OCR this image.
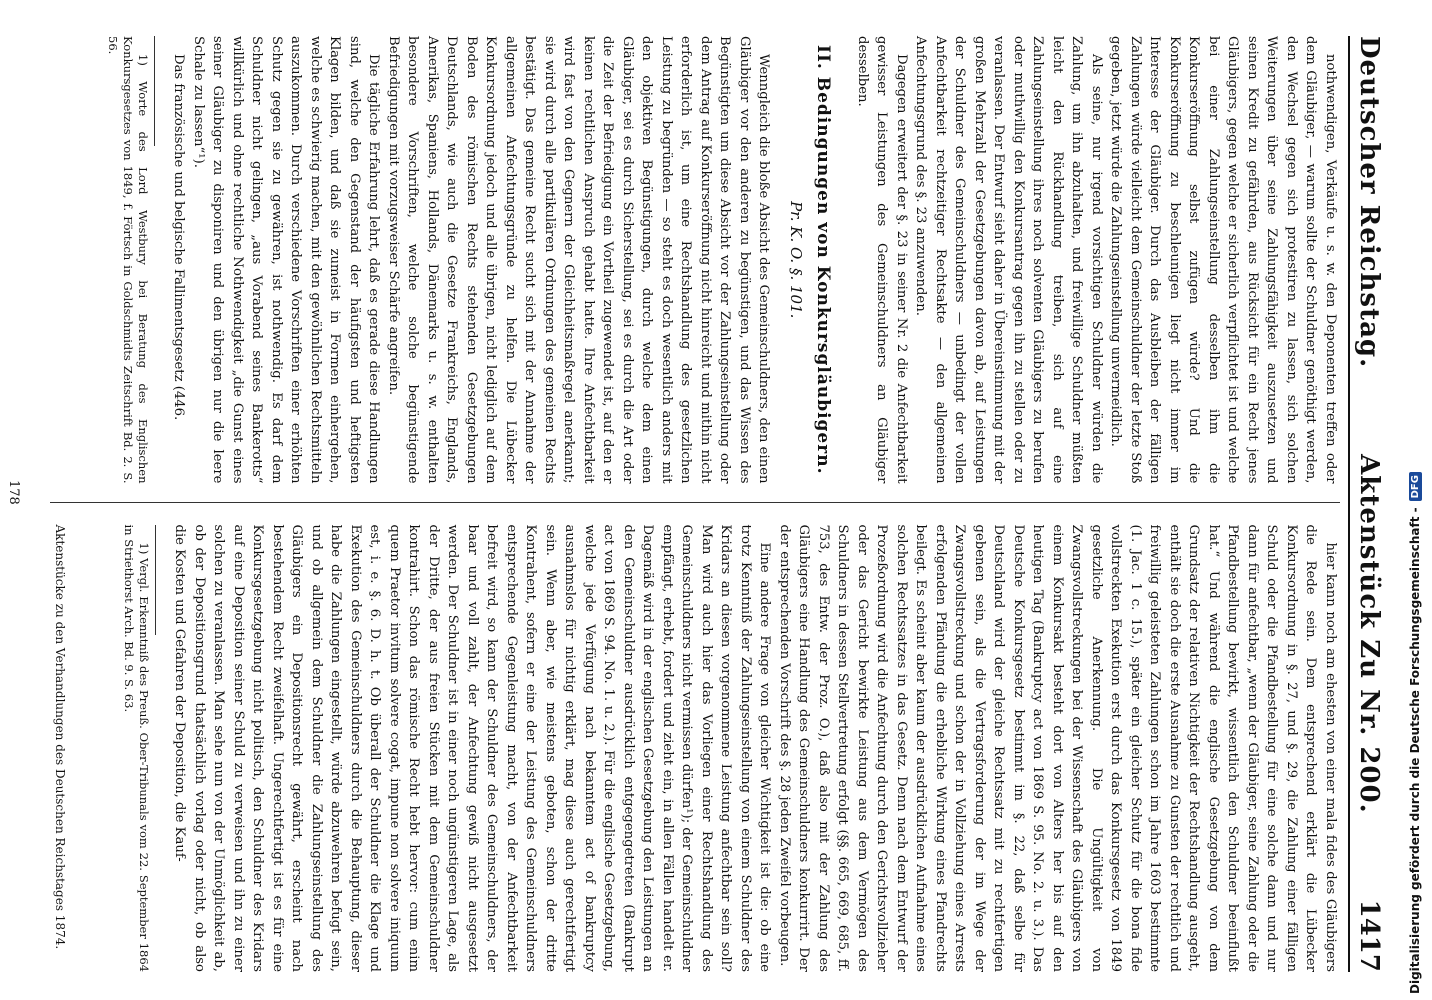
Deutscher Reichstag.
Aktenstück Zu Nr. 200.
1417

nothwendigen, Verkäufe u. s. w. den Deponenten treffen oder dem Gläubiger, — warum sollte der Schuldner genöthigt werden, den Wechsel gegen sich protestiren zu lassen, sich solchen Weiterungen über seine Zahlungsfähigkeit auszusetzen und seinen Kredit zu gefährden, aus Rücksicht für ein Recht jenes Gläubigers, gegen welche er sicherlich verpflichtet ist und welche bei einer Zahlungseinstellung desselben ihm die Konkurseröffnung selbst zufügen würde? Und die Konkurseröffnung zu beschleunigen liegt nicht immer im Interesse der Gläubiger. Durch das Ausbleiben der fälligen Zahlungen würde vielleicht dem Gemeinschuldner der letzte Stoß gegeben, jetzt würde die Zahlungseinstellung unvermeidlich.

Als seine, nur irgend vorsichtigen Schuldner würden die Zahlung, um ihn abzuhalten, und freiwillige Schuldner müßten leicht den Rückhandlung treiben, sich auf eine Zahlungseinstellung ihres noch solventen Gläubigers zu berufen oder muthwillig den Konkursantrag gegen ihn zu stellen oder zu veranlassen. Der Entwurf sieht daher in Übereinstimmung mit der großen Mehrzahl der Gesetzgebungen davon ab, auf Leistungen der Schuldner des Gemeinschuldners — unbedingt der vollen Anfechtbarkeit rechtzeitiger Rechtsakte — den allgemeinen Anfechtungsgrund des §. 23 anzuwenden.

Dagegen erweitert der §. 23 in seiner Nr. 2 die Anfechtbarkeit gewisser Leistungen des Gemeinschuldners an Gläubiger desselben.

II. Bedingungen von Konkursgläubigern.
Pr. K. O. §. 101.

Wenngleich die bloße Absicht des Gemeinschuldners, den einen Gläubiger vor den anderen zu begünstigen, und das Wissen des Begünstigten um diese Absicht vor der Zahlungseinstellung oder dem Antrag auf Konkurseröffnung nicht hinreicht und mithin nicht erforderlich ist, um eine Rechtshandlung des gesetzlichen Leistung zu begründen — so steht es doch wesentlich anders mit den objektiven Begünstigungen, durch welche dem einen Gläubiger, sei es durch Sicherstellung, sei es durch die Art oder die Zeit der Befriedigung ein Vortheil zugewendet ist, auf den er keinen rechtlichen Anspruch gehabt hatte. Ihre Anfechtbarkeit wird fast von den Gegnern der Gleichheitsmaßregel anerkannt; sie wird durch alle partikulären Ordnungen des gemeinen Rechts bestätigt. Das gemeine Recht sucht sich mit der Annahme der allgemeinen Anfechtungsgründe zu helfen. Die Lübecker Konkursordnung jedoch und alle übrigen, nicht lediglich auf dem Boden des römischen Rechts stehenden Gesetzgebungen Deutschlands, wie auch die Gesetze Frankreichs, Englands, Amerikas, Spaniens, Hollands, Dänemarks u. s. w. enthalten besondere Vorschriften, welche solche begünstigende Befriedigungen mit vorzugsweiser Schärfe angreifen.

Die tägliche Erfahrung lehrt, daß es gerade diese Handlungen sind, welche den Gegenstand der häufigsten und heftigsten Klagen bilden, und daß sie zumeist in Formen einhergehen, welche es schwierig machen, mit den gewöhnlichen Rechtsmitteln auszukommen. Durch verschiedene Vorschriften einer erhöhten Schutz gegen sie zu gewähren, ist nothwendig. Es darf dem Schuldner nicht gelingen, „aus Vorabend seines Bankerotts“ willkürlich und ohne rechtliche Nothwendigkeit „die Gunst eines seiner Gläubiger zu disponiren und den übrigen nur die leere Schale zu lassen“¹).

Das französische und belgische Fallimentsgesetz (446.

1) Worte des Lord Westbury bei Beratung des Englischen Konkursgesetzes von 1849, f. Förtsch in Goldschmidts Zeitschrift Bd. 2. S. 56.

hier kann noch am ehesten von einer mala fides des Gläubigers die Rede sein. Dem entsprechend erklärt die Lübecker Konkursordnung in §. 27, und §. 29, die Zahlung einer fälligen Schuld oder die Pfandbestellung für eine solche dann und nur dann für anfechtbar, „wenn der Gläubiger, seine Zahlung oder die Pfandbestellung bewirkt, wissentlich den Schuldner beeinflußt hat.“ Und während die englische Gesetzgebung von dem Grundsatz der relativen Nichtigkeit der Rechtshandlung ausgeht, enthält sie doch die erste Ausnahme zu Gunsten der rechtlich und freiwillig geleisteten Zahlungen schon im Jahre 1603 bestimmte (1. Jac. 1 c. 15.), später ein gleicher Schutz für die bona fide vollstreckten Exekution erst durch das Konkursgesetz von 1849 gesetzliche Anerkennung. Die Ungültigkeit von Zwangsvollstreckungen bei der Wissenschaft des Gläubigers von einem Konkursakt besteht dort von Alters her bis auf den heutigen Tag (Bankruptcy act von 1869 S. 95. No. 2. u. 3.). Das Deutsche Konkursgesetz bestimmt im §. 22, daß selbe für Deutschland wird der gleiche Rechtssatz mit zu rechtfertigen gebenen sein, als die Vertragsforderung der im Wege der Zwangsvollstreckung und schon der in Vollziehung eines Arrests erfolgenden Pfändung die erhebliche Wirkung eines Pfandrechts beilegt. Es scheint aber kaum der ausdrücklichen Aufnahme eines solchen Rechtssatzes in das Gesetz. Denn nach dem Entwurf der Prozeßordnung wird die Anfechtung durch den Gerichtsvollzieher oder das Gericht bewirkte Leistung aus dem Vermögen des Schuldners in dessen Stellvertretung erfolgt (§§. 665, 669, 685, ff. 753, des Entw. der Proz. O.), daß also mit der Zahlung des Gläubigers eine Handlung des Gemeinschuldners konkurrirt. Der der entsprechenden Vorschrift des §. 28 jeden Zweifel vorbeugen.

Eine andere Frage von gleicher Wichtigkeit ist die: ob eine trotz Kenntniß der Zahlungseinstellung von einem Schuldner des Kridars an diesen vorgenommene Leistung anfechtbar sein soll? Man wird auch hier das Vorliegen einer Rechtshandlung des Gemeinschuldners nicht vermissen dürfen¹); der Gemeinschuldner empfängt, erhebt, fordert und zieht ein, in allen Fällen handelt er. Dagemäß wird in der englischen Gesetzgebung den Leistungen an den Gemeinschuldner ausdrücklich entgegengetreten (Bankrupt act von 1869 S. 94. No. 1. u. 2.). Für die englische Gesetzgebung, welche jede Verfügung nach bekanntem act of bankruptcy ausnahmslos für nichtig erklärt, mag diese auch gerechtfertigt sein. Wenn aber, wie meistens geboten, schon der dritte Kontrahent, sofern er eine der Leistung des Gemeinschuldners entsprechende Gegenleistung macht, von der Anfechtbarkeit befreit wird, so kann der Schuldner des Gemeinschuldners, der baar und voll zahlt, der Anfechtung gewiß nicht ausgesetzt werden. Der Schuldner ist in einer noch ungünstigeren Lage, als der Dritte, der aus freien Stücken mit dem Gemeinschuldner kontrahirt. Schon das römische Recht hebt hervor: cum enim quem Praetor invitum solvere cogat, impune non solvere iniquum est, i. e. §. 6. D. h. t. Ob überall der Schuldner die Klage und Exekution des Gemeinschuldners durch die Behauptung, dieser habe die Zahlungen eingestellt, würde abzuwehren befugt sein, und ob allgemein dem Schuldner die Zahlungseinstellung des Gläubigers ein Depositionsrecht gewährt, erscheint nach bestehendem Recht zweifelhaft. Ungerechtfertigt ist es für eine Konkursgesetzgebung nicht politisch, den Schuldner des Kridars auf eine Deposition seiner Schuld zu verweisen und ihn zu einer solchen zu veranlassen. Man sehe nun von der Unmöglichkeit ab, ob der Depositionsgrund thatsächlich vorlag oder nicht, ob also die Kosten und Gefahren der Deposition, die Kauf-

1) Vergl. Erkenntniß des Preuß. Ober-Tribunals vom 22. September 1864 in Striethorst Arch. Bd. 9. S. 63.

Aktenstücke zu den Verhandlungen des Deutschen Reichstages 1874.
178
Digitalisierung gefördert durch die Deutsche Forschungsgemeinschaft -
DFG
